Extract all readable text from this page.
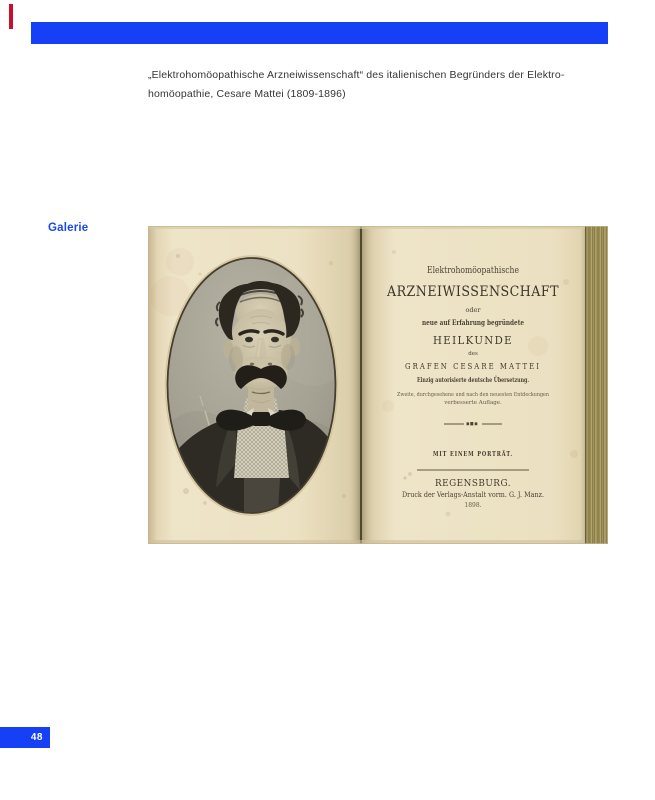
„Elektrohomöopathische Arzneiwissenschaft“ des italienischen Begründers der Elektro-
homöopathie, Cesare Mattei (1809-1896)
Galerie
Elektrohomöopathische
ARZNEIWISSENSCHAFT
oder
neue auf Erfahrung begründete
HEILKUNDE
des
GRAFEN CESARE MATTEI
Einzig autorisierte deutsche Übersetzung.
Zweite, durchgesehene und nach den neuesten Entdeckungen
verbesserte Auflage.
MIT EINEM PORTRÄT.
REGENSBURG.
Druck der Verlags-Anstalt vorm. G. J. Manz.
1898.
48
